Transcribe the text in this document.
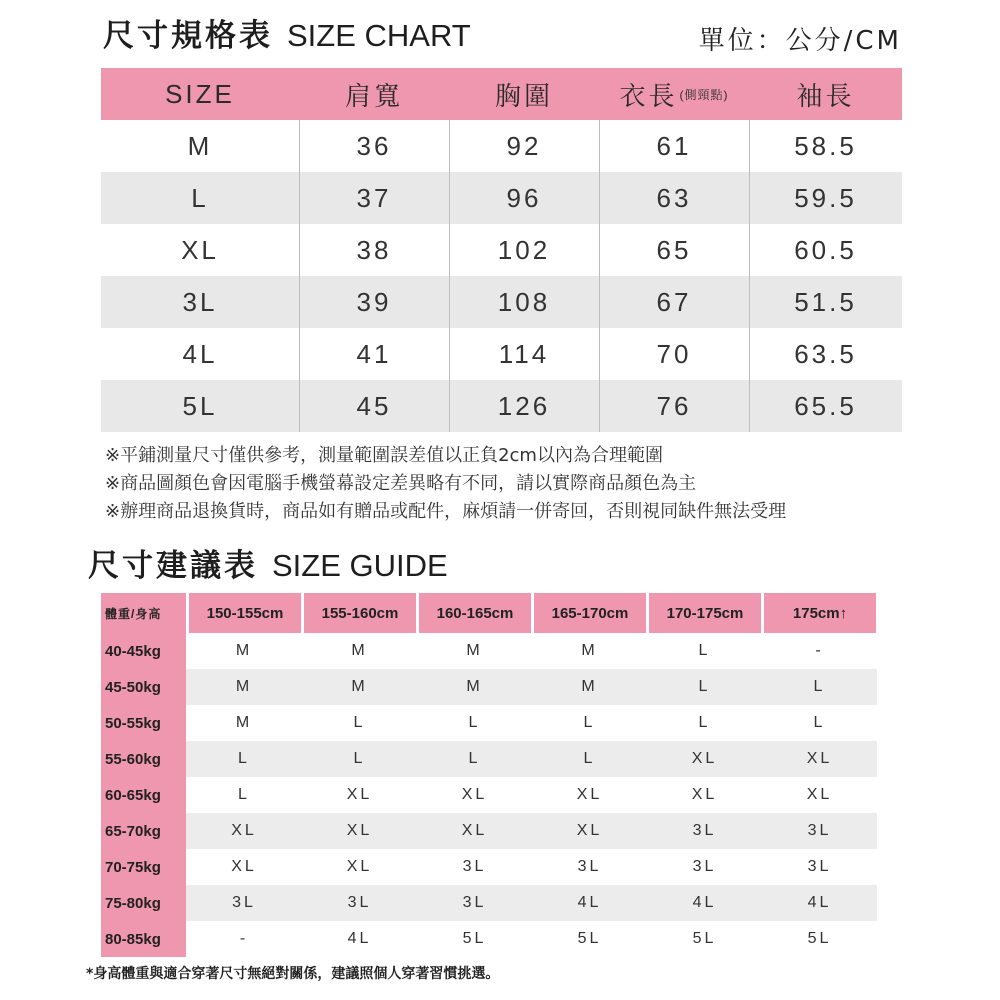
尺寸規格表 SIZE CHART	單位：公分/CM
SIZE	肩寬	胸圍	衣長 (側頸點)	袖長
M	36	92	61	58.5
L	37	96	63	59.5
XL	38	102	65	60.5
3L	39	108	67	51.5
4L	41	114	70	63.5
5L	45	126	76	65.5
※平鋪測量尺寸僅供參考，測量範圍誤差值以正負2cm以內為合理範圍
※商品圖顏色會因電腦手機螢幕設定差異略有不同，請以實際商品顏色為主
※辦理商品退換貨時，商品如有贈品或配件，麻煩請一併寄回，否則視同缺件無法受理
尺寸建議表 SIZE GUIDE
體重/身高	150-155cm	155-160cm	160-165cm	165-170cm	170-175cm	175cm↑
40-45kg	M	M	M	M	L	-
45-50kg	M	M	M	M	L	L
50-55kg	M	L	L	L	L	L
55-60kg	L	L	L	L	XL	XL
60-65kg	L	XL	XL	XL	XL	XL
65-70kg	XL	XL	XL	XL	3L	3L
70-75kg	XL	XL	3L	3L	3L	3L
75-80kg	3L	3L	3L	4L	4L	4L
80-85kg	-	4L	5L	5L	5L	5L
*身高體重與適合穿著尺寸無絕對關係，建議照個人穿著習慣挑選。
